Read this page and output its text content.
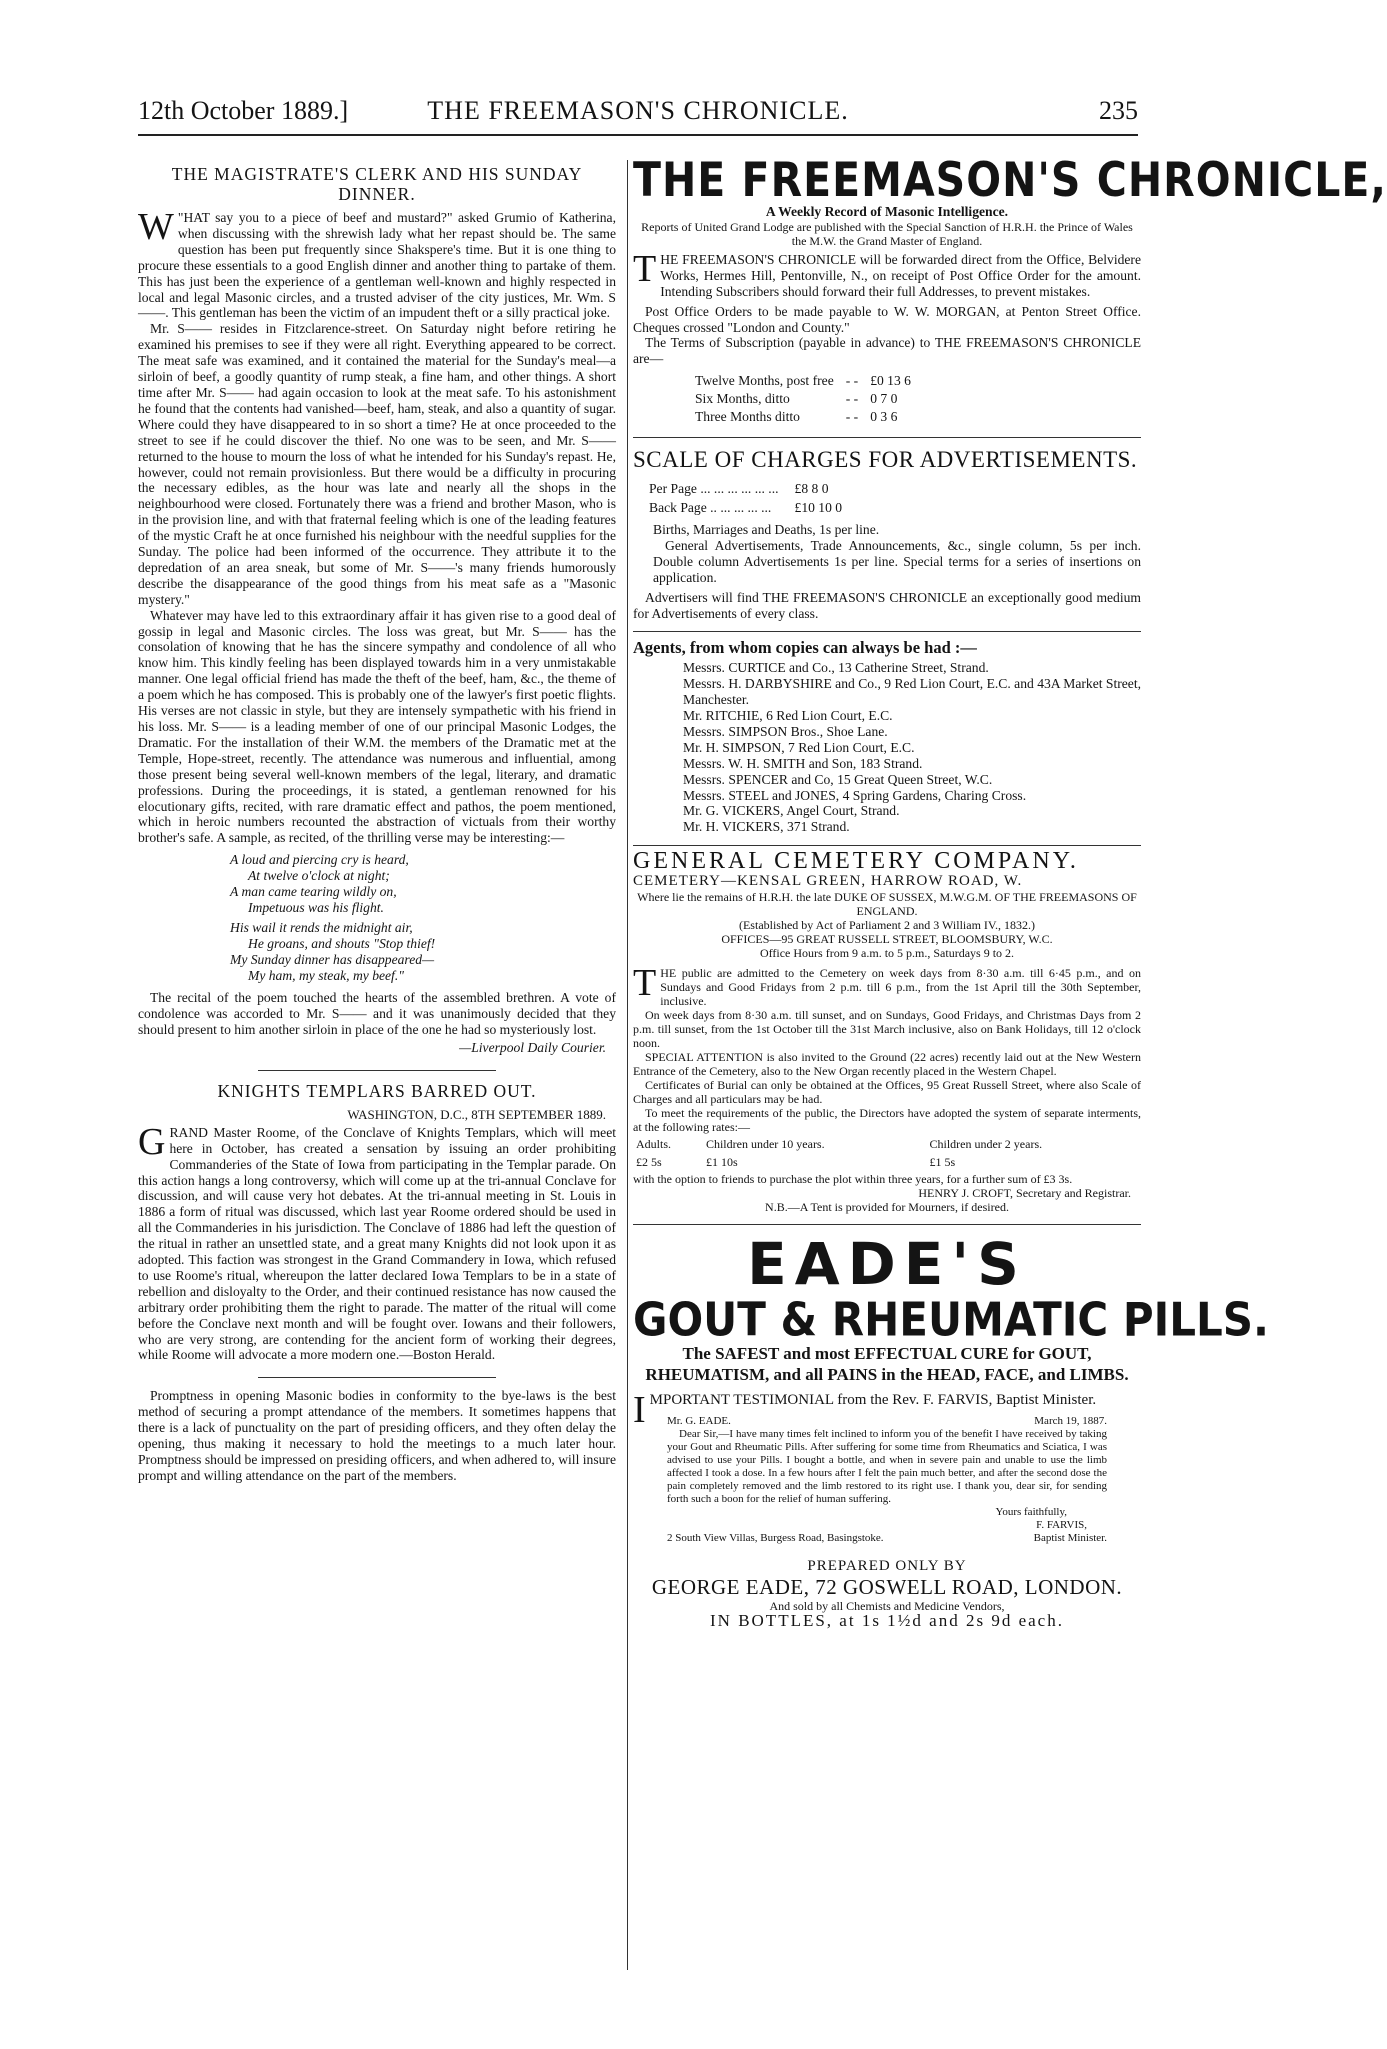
12th October 1889.]	THE FREEMASON'S CHRONICLE.	235
THE MAGISTRATE'S CLERK AND HIS SUNDAY DINNER.

"
W HAT say you to a piece of beef and mustard?" asked Grumio of Katherina, when discussing with the shrewish lady what her repast should be. The same question has been put frequently since Shakspere's time. But it is one thing to procure these essentials to a good English dinner and another thing to partake of them. This has just been the experience of a gentleman well-known and highly respected in local and legal Masonic circles, and a trusted adviser of the city justices, Mr. Wm. S——. This gentleman has been the victim of an impudent theft or a silly practical joke.

Mr. S—— resides in Fitzclarence-street. On Saturday night before retiring he examined his premises to see if they were all right. Everything appeared to be correct. The meat safe was examined, and it contained the material for the Sunday's meal—a sirloin of beef, a goodly quantity of rump steak, a fine ham, and other things. A short time after Mr. S—— had again occasion to look at the meat safe. To his astonishment he found that the contents had vanished—beef, ham, steak, and also a quantity of sugar. Where could they have disappeared to in so short a time? He at once proceeded to the street to see if he could discover the thief. No one was to be seen, and Mr. S—— returned to the house to mourn the loss of what he intended for his Sunday's repast. He, however, could not remain provisionless. But there would be a difficulty in procuring the necessary edibles, as the hour was late and nearly all the shops in the neighbourhood were closed. Fortunately there was a friend and brother Mason, who is in the provision line, and with that fraternal feeling which is one of the leading features of the mystic Craft he at once furnished his neighbour with the needful supplies for the Sunday. The police had been informed of the occurrence. They attribute it to the depredation of an area sneak, but some of Mr. S——'s many friends humorously describe the disappearance of the good things from his meat safe as a "Masonic mystery."

Whatever may have led to this extraordinary affair it has given rise to a good deal of gossip in legal and Masonic circles. The loss was great, but Mr. S—— has the consolation of knowing that he has the sincere sympathy and condolence of all who know him. This kindly feeling has been displayed towards him in a very unmistakable manner. One legal official friend has made the theft of the beef, ham, &c., the theme of a poem which he has composed. This is probably one of the lawyer's first poetic flights. His verses are not classic in style, but they are intensely sympathetic with his friend in his loss. Mr. S—— is a leading member of one of our principal Masonic Lodges, the Dramatic. For the installation of their W.M. the members of the Dramatic met at the Temple, Hope-street, recently. The attendance was numerous and influential, among those present being several well-known members of the legal, literary, and dramatic professions. During the proceedings, it is stated, a gentleman renowned for his elocutionary gifts, recited, with rare dramatic effect and pathos, the poem mentioned, which in heroic numbers recounted the abstraction of victuals from their worthy brother's safe. A sample, as recited, of the thrilling verse may be interesting:—

A loud and piercing cry is heard,
At twelve o'clock at night;
A man came tearing wildly on,
Impetuous was his flight.
His wail it rends the midnight air,
He groans, and shouts "Stop thief!
My Sunday dinner has disappeared—
My ham, my steak, my beef."

The recital of the poem touched the hearts of the assembled brethren. A vote of condolence was accorded to Mr. S—— and it was unanimously decided that they should present to him another sirloin in place of the one he had so mysteriously lost.

—Liverpool Daily Courier.
KNIGHTS TEMPLARS BARRED OUT.
WASHINGTON, D.C., 8TH SEPTEMBER 1889.

GRAND Master Roome, of the Conclave of Knights Templars, which will meet here in October, has created a sensation by issuing an order prohibiting Commanderies of the State of Iowa from participating in the Templar parade. On this action hangs a long controversy, which will come up at the tri-annual Conclave for discussion, and will cause very hot debates. At the tri-annual meeting in St. Louis in 1886 a form of ritual was discussed, which last year Roome ordered should be used in all the Commanderies in his jurisdiction. The Conclave of 1886 had left the question of the ritual in rather an unsettled state, and a great many Knights did not look upon it as adopted. This faction was strongest in the Grand Commandery in Iowa, which refused to use Roome's ritual, whereupon the latter declared Iowa Templars to be in a state of rebellion and disloyalty to the Order, and their continued resistance has now caused the arbitrary order prohibiting them the right to parade. The matter of the ritual will come before the Conclave next month and will be fought over. Iowans and their followers, who are very strong, are contending for the ancient form of working their degrees, while Roome will advocate a more modern one.—Boston Herald.

Promptness in opening Masonic bodies in conformity to the bye-laws is the best method of securing a prompt attendance of the members. It sometimes happens that there is a lack of punctuality on the part of presiding officers, and they often delay the opening, thus making it necessary to hold the meetings to a much later hour. Promptness should be impressed on presiding officers, and when adhered to, will insure prompt and willing attendance on the part of the members.

THE FREEMASON'S CHRONICLE,
A Weekly Record of Masonic Intelligence.
Reports of United Grand Lodge are published with the Special Sanction of H.R.H. the Prince of Wales the M.W. the Grand Master of England.

THE FREEMASON'S CHRONICLE will be forwarded direct from the Office, Belvidere Works, Hermes Hill, Pentonville, N., on receipt of Post Office Order for the amount. Intending Subscribers should forward their full Addresses, to prevent mistakes.

Post Office Orders to be made payable to W. W. MORGAN, at Penton Street Office. Cheques crossed "London and County."

The Terms of Subscription (payable in advance) to THE FREEMASON'S CHRONICLE are—

Twelve Months, post free	- -	£0 13 6
Six Months, ditto	- -	0 7 0
Three Months ditto	- -	0 3 6
SCALE OF CHARGES FOR ADVERTISEMENTS.
Per Page ... ... ... ... ... ...	£8 8 0
Back Page .. ... ... ... ...	£10 10 0
Births, Marriages and Deaths, 1s per line.

General Advertisements, Trade Announcements, &c., single column, 5s per inch. Double column Advertisements 1s per line. Special terms for a series of insertions on application.

Advertisers will find THE FREEMASON'S CHRONICLE an exceptionally good medium for Advertisements of every class.

Agents, from whom copies can always be had :—
Messrs. CURTICE and Co., 13 Catherine Street, Strand.
Messrs. H. DARBYSHIRE and Co., 9 Red Lion Court, E.C. and 43A Market Street, Manchester.
Mr. RITCHIE, 6 Red Lion Court, E.C.
Messrs. SIMPSON Bros., Shoe Lane.
Mr. H. SIMPSON, 7 Red Lion Court, E.C.
Messrs. W. H. SMITH and Son, 183 Strand.
Messrs. SPENCER and Co, 15 Great Queen Street, W.C.
Messrs. STEEL and JONES, 4 Spring Gardens, Charing Cross.
Mr. G. VICKERS, Angel Court, Strand.
Mr. H. VICKERS, 371 Strand.
GENERAL CEMETERY COMPANY.
CEMETERY—KENSAL GREEN, HARROW ROAD, W.
Where lie the remains of H.R.H. the late DUKE OF SUSSEX, M.W.G.M. OF THE FREEMASONS OF ENGLAND.
(Established by Act of Parliament 2 and 3 William IV., 1832.)
OFFICES—95 GREAT RUSSELL STREET, BLOOMSBURY, W.C.
Office Hours from 9 a.m. to 5 p.m., Saturdays 9 to 2.

THE public are admitted to the Cemetery on week days from 8·30 a.m. till 6·45 p.m., and on Sundays and Good Fridays from 2 p.m. till 6 p.m., from the 1st April till the 30th September, inclusive.

On week days from 8·30 a.m. till sunset, and on Sundays, Good Fridays, and Christmas Days from 2 p.m. till sunset, from the 1st October till the 31st March inclusive, also on Bank Holidays, till 12 o'clock noon.

SPECIAL ATTENTION is also invited to the Ground (22 acres) recently laid out at the New Western Entrance of the Cemetery, also to the New Organ recently placed in the Western Chapel.

Certificates of Burial can only be obtained at the Offices, 95 Great Russell Street, where also Scale of Charges and all particulars may be had.

To meet the requirements of the public, the Directors have adopted the system of separate interments, at the following rates:—

Adults.	Children under 10 years.	Children under 2 years.
£2 5s	£1 10s	£1 5s

with the option to friends to purchase the plot within three years, for a further sum of £3 3s.

HENRY J. CROFT, Secretary and Registrar.
N.B.—A Tent is provided for Mourners, if desired.
EADE'S
GOUT & RHEUMATIC PILLS.
The SAFEST and most EFFECTUAL CURE for GOUT, RHEUMATISM, and all PAINS in the HEAD, FACE, and LIMBS.

IMPORTANT TESTIMONIAL from the Rev. F. FARVIS, Baptist Minister.

Mr. G. EADE.	March 19, 1887.

Dear Sir,—I have many times felt inclined to inform you of the benefit I have received by taking your Gout and Rheumatic Pills. After suffering for some time from Rheumatics and Sciatica, I was advised to use your Pills. I bought a bottle, and when in severe pain and unable to use the limb affected I took a dose. In a few hours after I felt the pain much better, and after the second dose the pain completely removed and the limb restored to its right use. I thank you, dear sir, for sending forth such a boon for the relief of human suffering.

Yours faithfully,
F. FARVIS,
2 South View Villas, Burgess Road, Basingstoke.	Baptist Minister.
PREPARED ONLY BY
GEORGE EADE, 72 GOSWELL ROAD, LONDON.
And sold by all Chemists and Medicine Vendors,
IN BOTTLES, at 1s 1½d and 2s 9d each.
